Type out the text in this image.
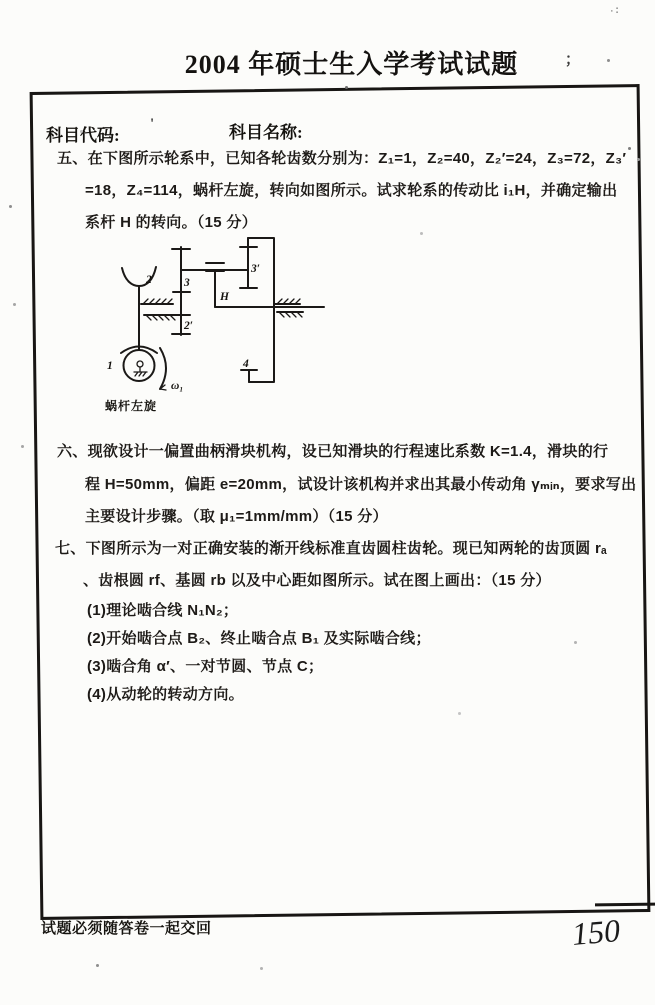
2004 年硕士生入学考试试题
科目代码:	科目名称:
五、在下图所示轮系中，已知各轮齿数分别为：Z₁=1，Z₂=40，Z₂′=24，Z₃=72，Z₃′
=18，Z₄=114，蜗杆左旋，转向如图所示。试求轮系的传动比 i₁H，并确定输出
系杆 H 的转向。（15 分）
2
1
3
2′
3′
H
4
ω₁
蜗杆左旋
六、现欲设计一偏置曲柄滑块机构，设已知滑块的行程速比系数 K=1.4，滑块的行
程 H=50mm，偏距 e=20mm，试设计该机构并求出其最小传动角 γₘᵢₙ，要求写出
主要设计步骤。（取 μ₁=1mm/mm）（15 分）
七、下图所示为一对正确安装的渐开线标准直齿圆柱齿轮。现已知两轮的齿顶圆 rₐ
、齿根圆 rf、基圆 rb 以及中心距如图所示。试在图上画出：（15 分）
(1)理论啮合线 N₁N₂；
(2)开始啮合点 B₂、终止啮合点 B₁ 及实际啮合线；
(3)啮合角 α′、一对节圆、节点 C；
(4)从动轮的转动方向。
试题必须随答卷一起交回	150
；
'
·∶
